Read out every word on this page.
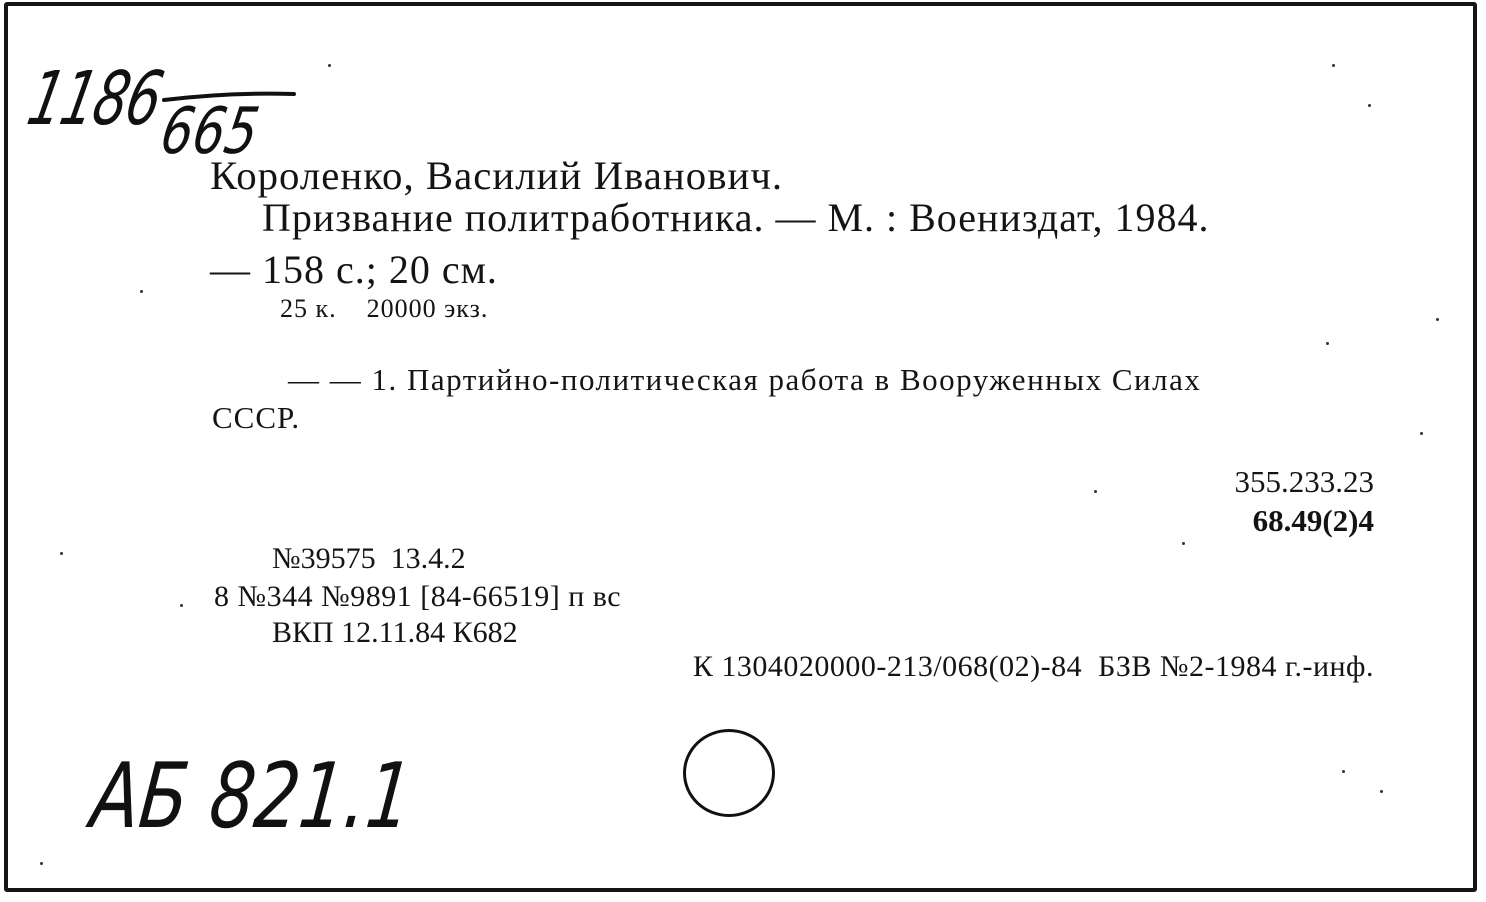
1186
665
Короленко, Василий Иванович.
Призвание политработника. — М. : Воениздат, 1984.
— 158 с.; 20 см.
25 к.    20000 экз.
— — 1. Партийно-политическая работа в Вооруженных Силах
СССР.
355.233.23
68.49(2)4
№39575  13.4.2
8 №344 №9891 [84-66519] п вс
ВКП 12.11.84 К682
К 1304020000-213/068(02)-84  БЗВ №2-1984 г.-инф.
АБ 821.1
